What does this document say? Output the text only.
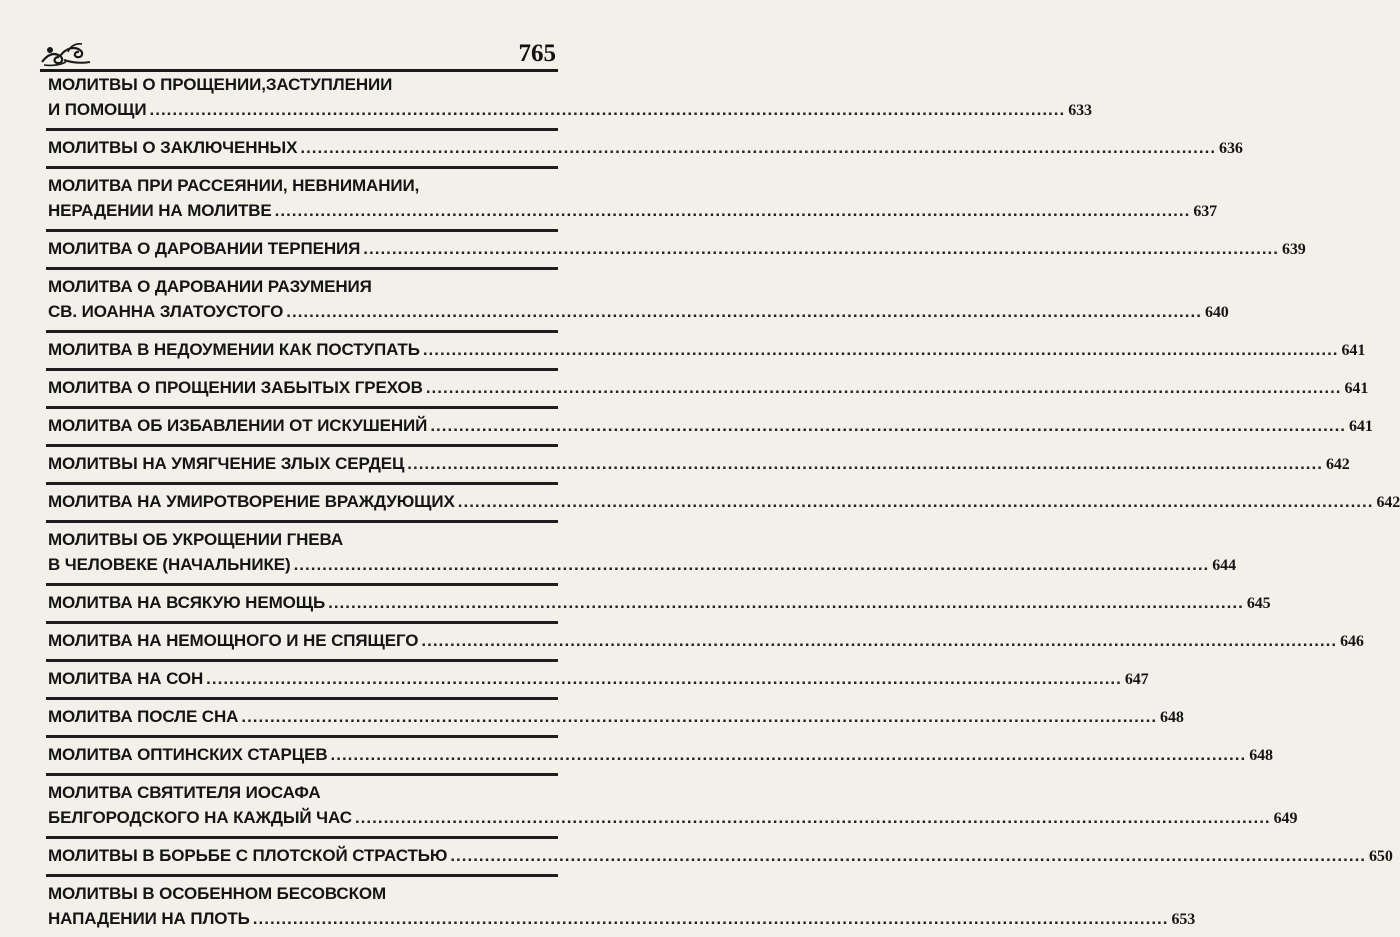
765
МОЛИТВЫ О ПРОЩЕНИИ,ЗАСТУПЛЕНИИ
И ПОМОЩИ ................................................................................................................................................................ 633
МОЛИТВЫ О ЗАКЛЮЧЕННЫХ ................................................................................................................................................................ 636
МОЛИТВА ПРИ РАССЕЯНИИ, НЕВНИМАНИИ,
НЕРАДЕНИИ НА МОЛИТВЕ ................................................................................................................................................................ 637
МОЛИТВА О ДАРОВАНИИ ТЕРПЕНИЯ ................................................................................................................................................................ 639
МОЛИТВА О ДАРОВАНИИ РАЗУМЕНИЯ
СВ. ИОАННА ЗЛАТОУСТОГО ................................................................................................................................................................ 640
МОЛИТВА В НЕДОУМЕНИИ КАК ПОСТУПАТЬ ................................................................................................................................................................ 641
МОЛИТВА О ПРОЩЕНИИ ЗАБЫТЫХ ГРЕХОВ ................................................................................................................................................................ 641
МОЛИТВА ОБ ИЗБАВЛЕНИИ ОТ ИСКУШЕНИЙ ................................................................................................................................................................ 641
МОЛИТВЫ НА УМЯГЧЕНИЕ ЗЛЫХ СЕРДЕЦ ................................................................................................................................................................ 642
МОЛИТВА НА УМИРОТВОРЕНИЕ ВРАЖДУЮЩИХ ................................................................................................................................................................ 642
МОЛИТВЫ ОБ УКРОЩЕНИИ ГНЕВА
В ЧЕЛОВЕКЕ (НАЧАЛЬНИКЕ) ................................................................................................................................................................ 644
МОЛИТВА НА ВСЯКУЮ НЕМОЩЬ ................................................................................................................................................................ 645
МОЛИТВА НА НЕМОЩНОГО И НЕ СПЯЩЕГО ................................................................................................................................................................ 646
МОЛИТВА НА СОН ................................................................................................................................................................ 647
МОЛИТВА ПОСЛЕ СНА ................................................................................................................................................................ 648
МОЛИТВА ОПТИНСКИХ СТАРЦЕВ ................................................................................................................................................................ 648
МОЛИТВА СВЯТИТЕЛЯ ИОСАФА
БЕЛГОРОДСКОГО НА КАЖДЫЙ ЧАС ................................................................................................................................................................ 649
МОЛИТВЫ В БОРЬБЕ С ПЛОТСКОЙ СТРАСТЬЮ ................................................................................................................................................................ 650
МОЛИТВЫ В ОСОБЕННОМ БЕСОВСКОМ
НАПАДЕНИИ НА ПЛОТЬ ................................................................................................................................................................ 653
